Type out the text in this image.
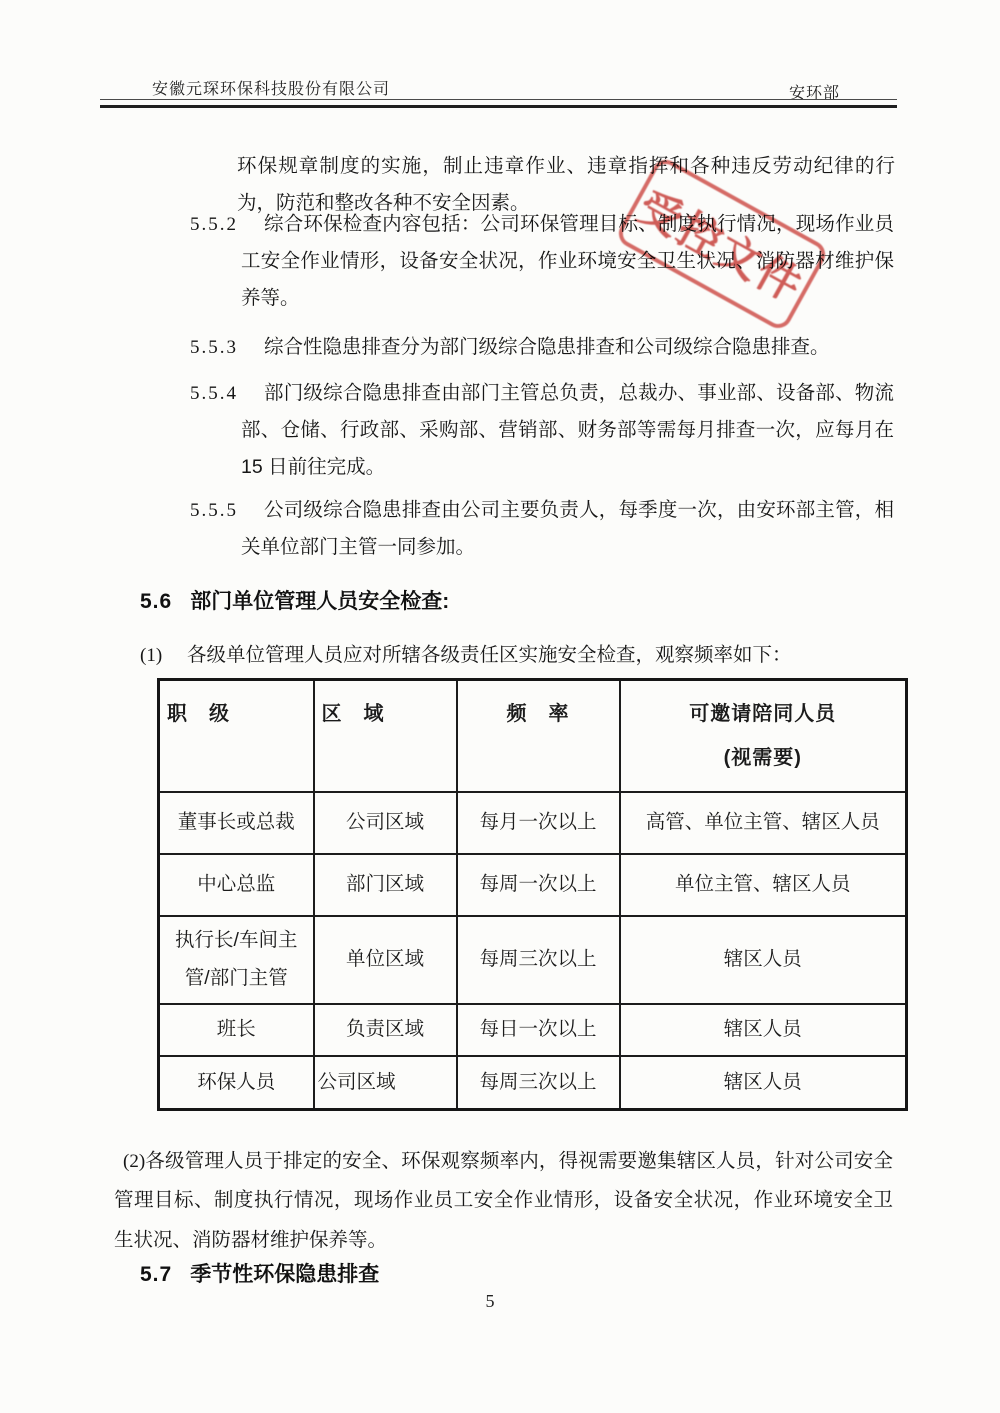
安徽元琛环保科技股份有限公司	安环部
受控文件

环保规章制度的实施，制止违章作业、违章指挥和各种违反劳动纪律的行为，防范和整改各种不安全因素。

5.5.2 综合环保检查内容包括：公司环保管理目标、制度执行情况，现场作业员工安全作业情形，设备安全状况，作业环境安全卫生状况、消防器材维护保养等。
5.5.3 综合性隐患排查分为部门级综合隐患排查和公司级综合隐患排查。
5.5.4 部门级综合隐患排查由部门主管总负责，总裁办、事业部、设备部、物流部、仓储、行政部、采购部、营销部、财务部等需每月排查一次，应每月在 15 日前往完成。
5.5.5 公司级综合隐患排查由公司主要负责人，每季度一次，由安环部主管，相关单位部门主管一同参加。
5.6 部门单位管理人员安全检查:
(1) 各级单位管理人员应对所辖各级责任区实施安全检查，观察频率如下：
职　级	区　域	频　率	可邀请陪同人员
(视需要)

董事长或总裁	公司区域	每月一次以上	高管、单位主管、辖区人员
中心总监	部门区域	每周一次以上	单位主管、辖区人员
执行长/车间主管/部门主管	单位区域	每周三次以上	辖区人员
班长	负责区域	每日一次以上	辖区人员
环保人员	公司区域	每周三次以上	辖区人员

(2)各级管理人员于排定的安全、环保观察频率内，得视需要邀集辖区人员，针对公司安全管理目标、制度执行情况，现场作业员工安全作业情形，设备安全状况，作业环境安全卫生状况、消防器材维护保养等。

5.7 季节性环保隐患排查
5
